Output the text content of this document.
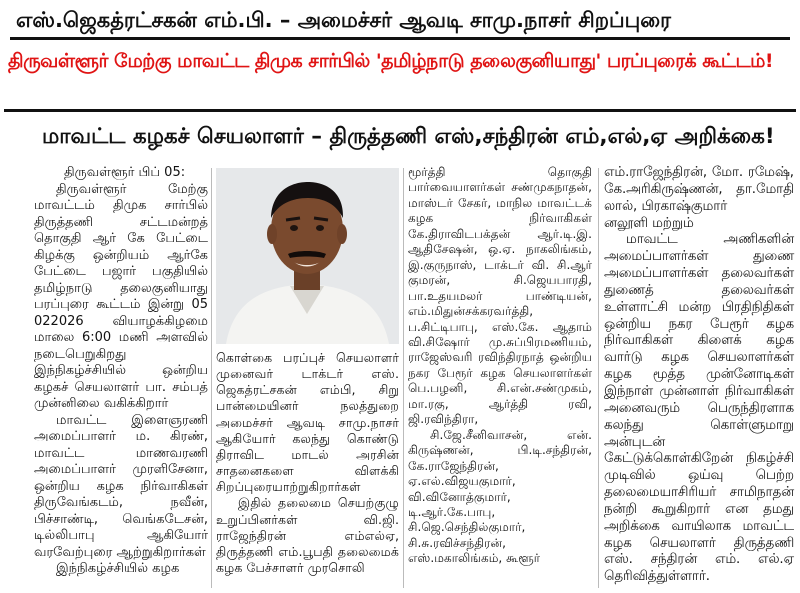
எஸ்.ஜெகத்ரட்சகன் எம்.பி. – அமைச்சர் ஆவடி சாமு.நாசர் சிறப்புரை
திருவள்ளூர் மேற்கு மாவட்ட திமுக சார்பில் 'தமிழ்நாடு தலைகுனியாது' பரப்புரைக் கூட்டம்!
மாவட்ட கழகச் செயலாளர் – திருத்தணி எஸ்,சந்திரன் எம்,எல்,ஏ அறிக்கை!

திருவள்ளூர் பிப் 05:

திருவள்ளூர் மேற்கு மாவட்டம் திமுக சார்பில் திருத்தணி சட்டமன்றத் தொகுதி ஆர் கே பேட்டை கிழக்கு ஒன்றியம் ஆர்கே பேட்டை பஜார் பகுதியில் தமிழ்நாடு தலைகுனியாது பரப்புரை கூட்டம் இன்று 05 022026 வியாழக்கிழமை மாலை 6:00 மணி அளவில் நடைபெறுகிறது இந்நிகழ்ச்சியில் ஒன்றிய கழகச் செயலாளர் பா. சம்பத் முன்னிலை வகிக்கிறார்

மாவட்ட இளைஞரணி அமைப்பாளர் ம. கிரண், மாவட்ட மாணவரணி அமைப்பாளர் முரளிசேனா, ஒன்றிய கழக நிர்வாகிகள் திருவேங்கடம், நவீன், பிச்சாண்டி, வெங்கடேசன், டில்லிபாபு ஆகியோர் வரவேற்புரை ஆற்றுகிறார்கள்

இந்நிகழ்ச்சியில் கழக

கொள்கை பரப்புச் செயலாளர் முனைவர் டாக்டர் எஸ். ஜெகத்ரட்சகன் எம்பி, சிறு பான்மையினர் நலத்துறை அமைச்சர் ஆவடி சாமு.நாசர் ஆகியோர் கலந்து கொண்டு திராவிட மாடல் அரசின் சாதனைகளை விளக்கி சிறப்புரையாற்றுகிறார்கள்

இதில் தலைமை செயற்குழு உறுப்பினர்கள் வி.ஜி. ராஜேந்திரன் எம்எல்ஏ, திருத்தணி எம்.பூபதி தலைமைக் கழக பேச்சாளர் முரசொலி

மூர்த்தி தொகுதி பார்வையாளர்கள் சண்முகநாதன், மாஸ்டர் சேகர், மாநில மாவட்டக் கழக நிர்வாகிகள் கே.திராவிடபக்தன் ஆர்.டி.இ. ஆதிசேஷன், ஒ.ஏ. நாகலிங்கம், இ.குருநாஸ், டாக்டர் வி. சி.ஆர் குமரன், சி.ஜெயபாரதி, பா.உதயமலர் பாண்டியன், எம்.மிதுன்சக்கரவர்த்தி, ப.சிட்டிபாபு, எஸ்.கே. ஆதாம் வி.சிஷோர் மு.சுப்பிரமணியம், ராஜேஸ்வரி ரவிந்திரநாத் ஒன்றிய நகர பேரூர் கழக செயலாளர்கள் பெ.பழனி, சி.என்.சண்முகம், மா.ரகு, ஆர்த்தி ரவி, ஜி.ரவிந்திரா,

சி.ஜே.சீனிவாசன், என். கிருஷ்ணன், பி.டி.சந்திரன், கே.ராஜேந்திரன், ஏ.எல்.விஜயகுமார், வி.வினோத்குமார், டி.ஆர்.கே.பாபு, சி.ஜெ.செந்தில்குமார், சி.சு.ரவிச்சந்திரன், எஸ்.மகாலிங்கம், கூளூர்

எம்.ராஜேந்திரன், மோ. ரமேஷ், கே.அரிகிருஷ்ணன், தா.மோதி லால், பிரகாஷ்குமார்

னலூளி மற்றும்

மாவட்ட அணிகளின் அமைப்பாளர்கள் துணை அமைப்பாளர்கள் தலைவர்கள் துணைத் தலைவர்கள் உள்ளாட்சி மன்ற பிரதிநிதிகள் ஒன்றிய நகர பேரூர் கழக நிர்வாகிகள் கிளைக் கழக வார்டு கழக செயலாளர்கள் கழக மூத்த முன்னோடிகள் இந்நாள் முன்னாள் நிர்வாகிகள் அனைவரும் பெருந்திரளாக கலந்து கொள்ளுமாறு அன்புடன் கேட்டுக்கொள்கிறேன் நிகழ்ச்சி முடிவில் ஒய்வு பெற்ற தலைமையாசிரியர் சாமிநாதன் நன்றி கூறுகிறார் என தமது அறிக்கை வாயிலாக மாவட்ட கழக செயலாளர் திருத்தணி எஸ். சந்திரன் எம். எல்.ஏ தெரிவித்துள்ளார்.
